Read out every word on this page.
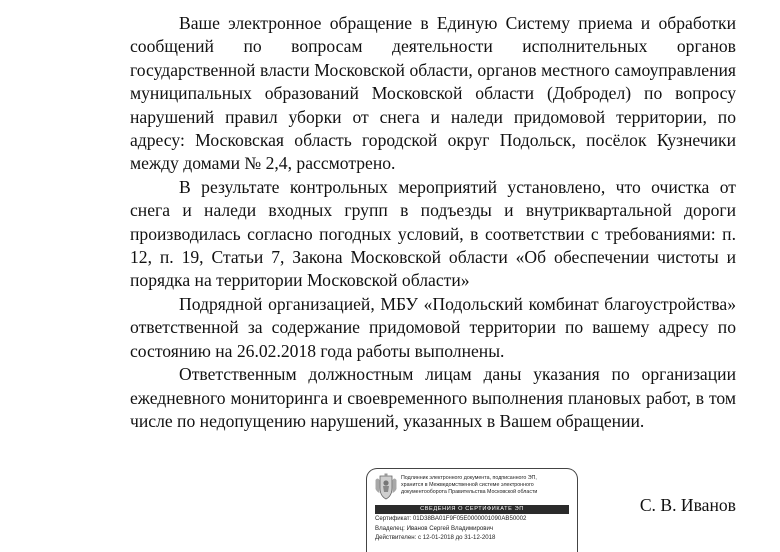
Ваше электронное обращение в Единую Систему приема и обработки сообщений по вопросам деятельности исполнительных органов государственной власти Московской области, органов местного самоуправления муниципальных образований Московской области (Добродел) по вопросу нарушений правил уборки от снега и наледи придомовой территории, по адресу: Московская область городской округ Подольск, посёлок Кузнечики между домами № 2,4, рассмотрено.

В результате контрольных мероприятий установлено, что очистка от снега и наледи входных групп в подъезды и внутриквартальной дороги производилась согласно погодных условий, в соответствии с требованиями: п. 12, п. 19, Статьи 7, Закона Московской области «Об обеспечении чистоты и порядка на территории Московской области»

Подрядной организацией, МБУ «Подольский комбинат благоустройства» ответственной за содержание придомовой территории по вашему адресу по состоянию на 26.02.2018 года работы выполнены.

Ответственным должностным лицам даны указания по организации ежедневного мониторинга и своевременного выполнения плановых работ, в том числе по недопущению нарушений, указанных в Вашем обращении.

Подлинник электронного документа, подписанного ЭП,
хранится в Межведомственной системе электронного
документооборота Правительства Московской области
СВЕДЕНИЯ О СЕРТИФИКАТЕ ЭП
Сертификат: 01D38BA01F9F05E0000001090AB50002
Владелец: Иванов Сергей Владимирович
Действителен: с 12-01-2018 до 31-12-2018
С. В. Иванов
